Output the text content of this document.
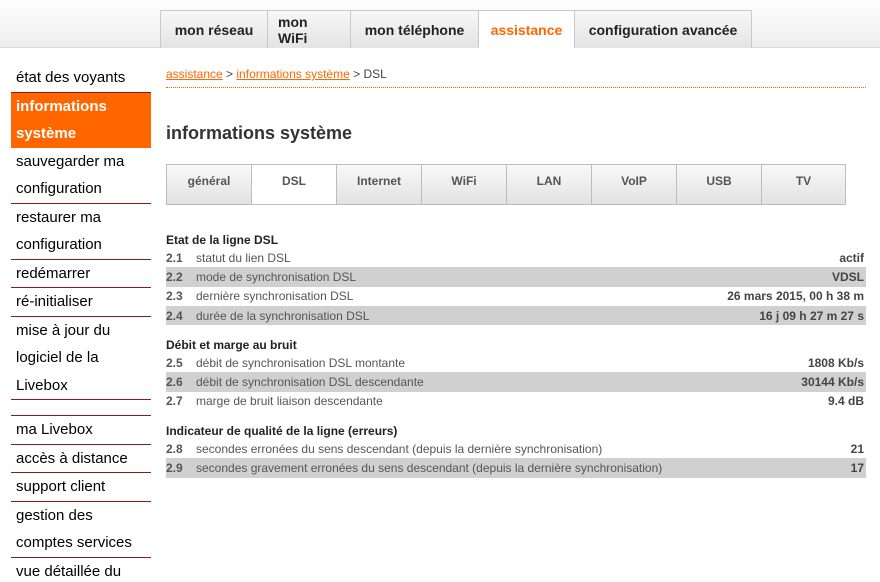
mon réseau	mon WiFi	mon téléphone	assistance	configuration avancée
état des voyants
informations système
sauvegarder ma configuration
restaurer ma configuration
redémarrer
ré-initialiser
mise à jour du logiciel de la Livebox
ma Livebox
accès à distance
support client
gestion des comptes services
vue détaillée du
assistance > informations système > DSL
informations système
général	DSL	Internet	WiFi	LAN	VoIP	USB	TV
Etat de la ligne DSL
2.1	statut du lien DSL	actif
2.2	mode de synchronisation DSL	VDSL
2.3	dernière synchronisation DSL	26 mars 2015, 00 h 38 m
2.4	durée de la synchronisation DSL	16 j 09 h 27 m 27 s
Débit et marge au bruit
2.5	débit de synchronisation DSL montante	1808 Kb/s
2.6	débit de synchronisation DSL descendante	30144 Kb/s
2.7	marge de bruit liaison descendante	9.4 dB
Indicateur de qualité de la ligne (erreurs)
2.8	secondes erronées du sens descendant (depuis la dernière synchronisation)	21
2.9	secondes gravement erronées du sens descendant (depuis la dernière synchronisation)	17
